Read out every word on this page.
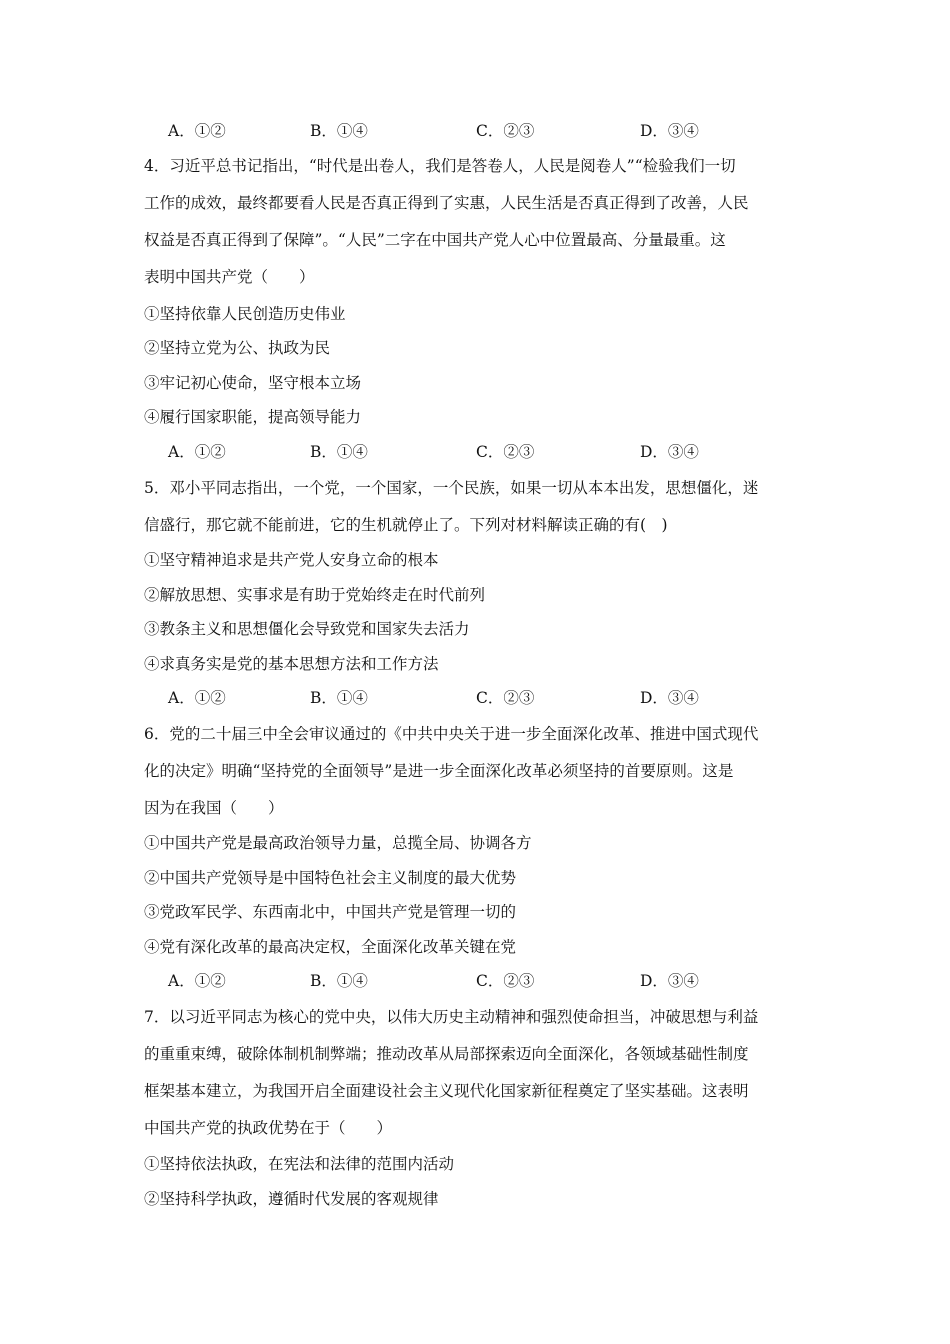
A．①②	B．①④	C．②③	D．③④
4．习近平总书记指出，“时代是出卷人，我们是答卷人，人民是阅卷人”“检验我们一切
工作的成效，最终都要看人民是否真正得到了实惠，人民生活是否真正得到了改善，人民
权益是否真正得到了保障”。“人民”二字在中国共产党人心中位置最高、分量最重。这
表明中国共产党（　　）
①坚持依靠人民创造历史伟业
②坚持立党为公、执政为民
③牢记初心使命，坚守根本立场
④履行国家职能，提高领导能力
A．①②	B．①④	C．②③	D．③④
5．邓小平同志指出，一个党，一个国家，一个民族，如果一切从本本出发，思想僵化，迷
信盛行，那它就不能前进，它的生机就停止了。下列对材料解读正确的有(　)
①坚守精神追求是共产党人安身立命的根本
②解放思想、实事求是有助于党始终走在时代前列
③教条主义和思想僵化会导致党和国家失去活力
④求真务实是党的基本思想方法和工作方法
A．①②	B．①④	C．②③	D．③④
6．党的二十届三中全会审议通过的《中共中央关于进一步全面深化改革、推进中国式现代
化的决定》明确“坚持党的全面领导”是进一步全面深化改革必须坚持的首要原则。这是
因为在我国（　　）
①中国共产党是最高政治领导力量，总揽全局、协调各方
②中国共产党领导是中国特色社会主义制度的最大优势
③党政军民学、东西南北中，中国共产党是管理一切的
④党有深化改革的最高决定权，全面深化改革关键在党
A．①②	B．①④	C．②③	D．③④
7．以习近平同志为核心的党中央，以伟大历史主动精神和强烈使命担当，冲破思想与利益
的重重束缚，破除体制机制弊端；推动改革从局部探索迈向全面深化，各领域基础性制度
框架基本建立，为我国开启全面建设社会主义现代化国家新征程奠定了坚实基础。这表明
中国共产党的执政优势在于（　　）
①坚持依法执政，在宪法和法律的范围内活动
②坚持科学执政，遵循时代发展的客观规律
